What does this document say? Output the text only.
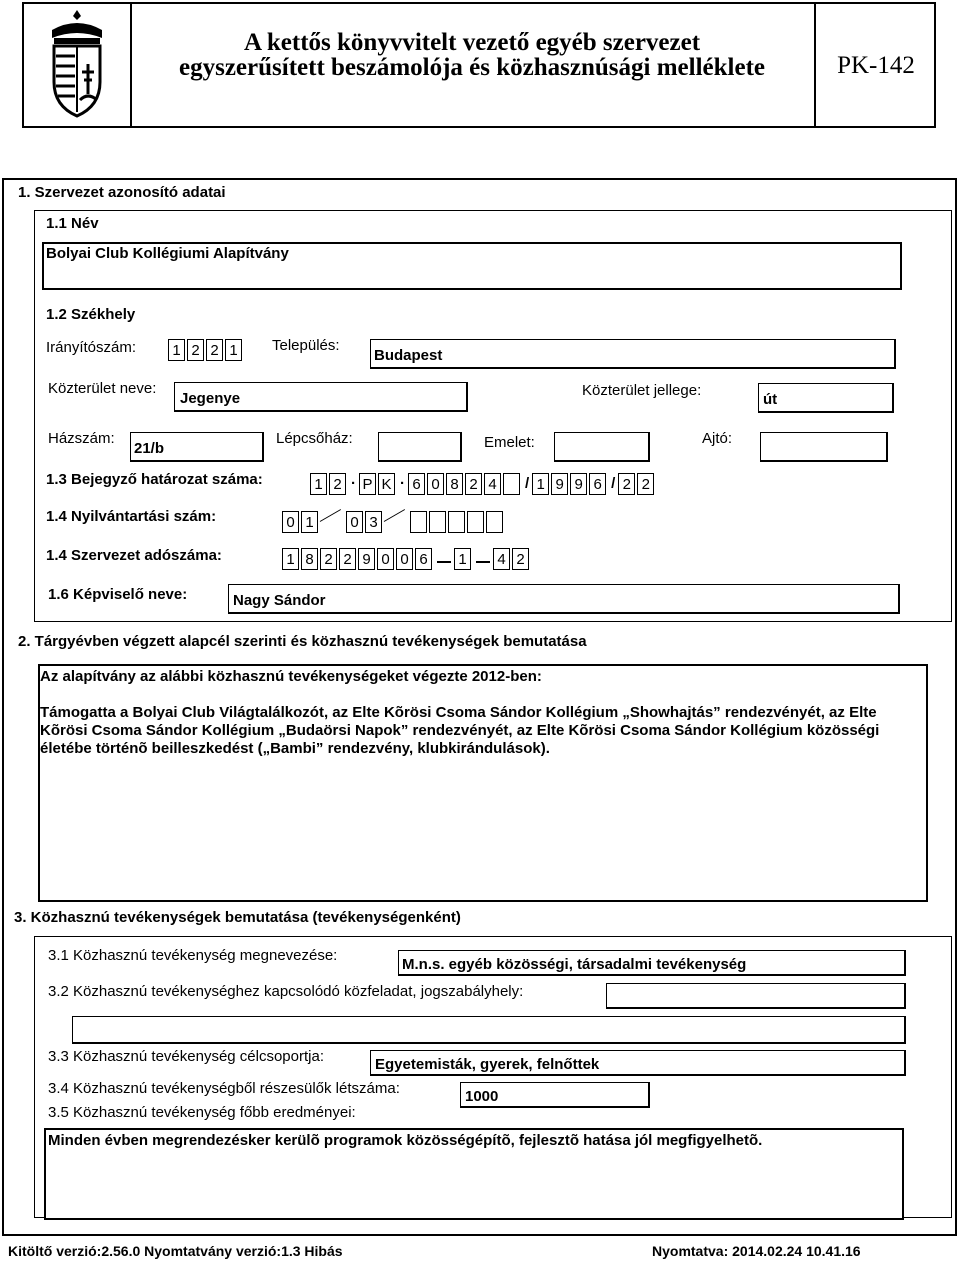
A kettős könyvvitelt vezető egyéb szervezet
egyszerűsített beszámolója és közhasznúsági melléklete	PK-142
1. Szervezet azonosító adatai
1.1 Név
Bolyai Club Kollégiumi Alapítvány
1.2 Székhely
Irányítószám: 1 2 2 1 Település:
Budapest
Közterület neve:
Jegenye	Közterület jellege:
út
Házszám:
21/b
Lépcsőház:	Emelet:	Ajtó:
1.3 Bejegyző határozat száma:	1 2 · P K · 6 0 8 2 4 / 1 9 9 6 / 2 2
1.4 Nyilvántartási szám:	0 1 0 3
1.4 Szervezet adószáma:	1 8 2 2 9 0 0 6 1 4 2
1.6 Képviselő neve:	Nagy Sándor
2. Tárgyévben végzett alapcél szerinti és közhasznú tevékenységek bemutatása
Az alapítvány az alábbi közhasznú tevékenységeket végezte 2012-ben:
Támogatta a Bolyai Club Világtalálkozót, az Elte Kõrösi Csoma Sándor Kollégium „Showhajtás” rendezvényét, az Elte Kõrösi Csoma Sándor Kollégium „Budaörsi Napok” rendezvényét, az Elte Kõrösi Csoma Sándor Kollégium közösségi életébe történõ beilleszkedést („Bambi” rendezvény, klubkirándulások).
3. Közhasznú tevékenységek bemutatása (tevékenységenként)
3.1 Közhasznú tevékenység megnevezése:
M.n.s. egyéb közösségi, társadalmi tevékenység
3.2 Közhasznú tevékenységhez kapcsolódó közfeladat, jogszabályhely:
3.3 Közhasznú tevékenység célcsoportja:	Egyetemisták, gyerek, felnőttek
3.4 Közhasznú tevékenységből részesülők létszáma:	1000
3.5 Közhasznú tevékenység főbb eredményei:
Minden évben megrendezésker kerülõ programok közösségépítõ, fejlesztõ hatása jól megfigyelhetõ.
Kitöltő verzió:2.56.0 Nyomtatvány verzió:1.3 Hibás	Nyomtatva: 2014.02.24 10.41.16
